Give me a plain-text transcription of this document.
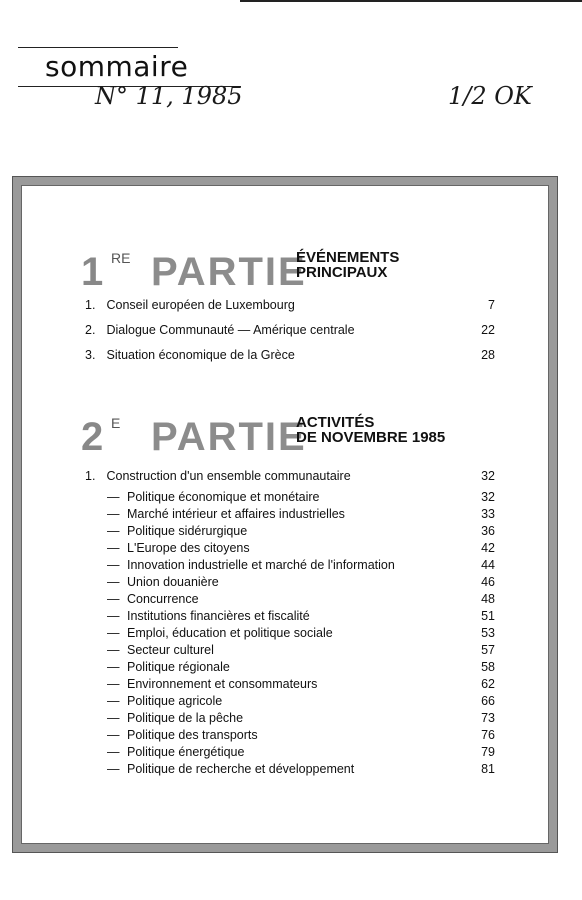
sommaire
N° 11, 1985	1/2 OK
1 RE PARTIE
ÉVÉNEMENTS
PRINCIPAUX
1. Conseil européen de Luxembourg	7
2. Dialogue Communauté — Amérique centrale	22
3. Situation économique de la Grèce	28
2 E PARTIE
ACTIVITÉS
DE NOVEMBRE 1985
1. Construction d'un ensemble communautaire	32
— Politique économique et monétaire	32
— Marché intérieur et affaires industrielles	33
— Politique sidérurgique	36
— L'Europe des citoyens	42
— Innovation industrielle et marché de l'information	44
— Union douanière	46
— Concurrence	48
— Institutions financières et fiscalité	51
— Emploi, éducation et politique sociale	53
— Secteur culturel	57
— Politique régionale	58
— Environnement et consommateurs	62
— Politique agricole	66
— Politique de la pêche	73
— Politique des transports	76
— Politique énergétique	79
— Politique de recherche et développement	81
